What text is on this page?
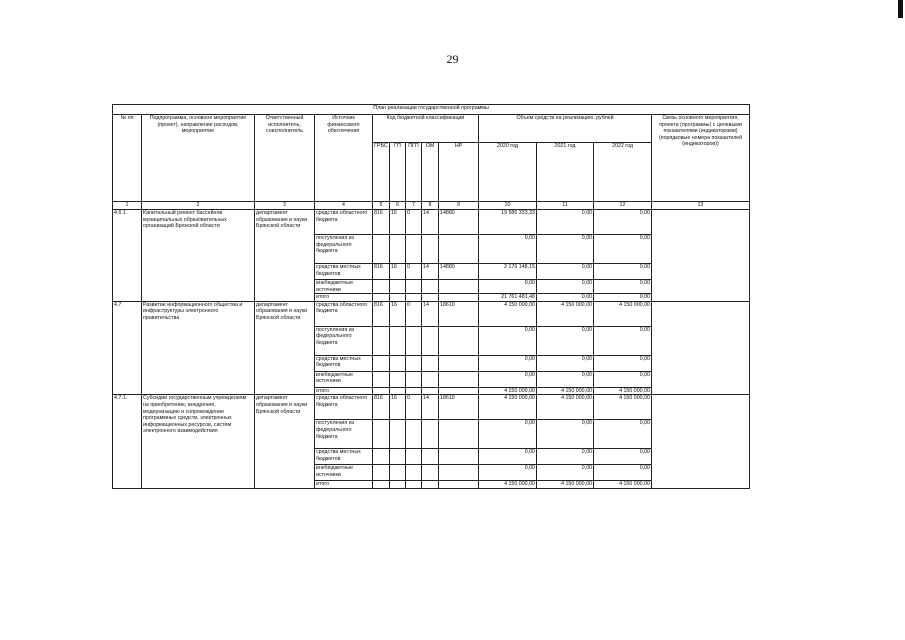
29
План реализации государственной программы												
№ пп	Подпрограмма, основное мероприятие (проект), направление расходов, мероприятие	Ответственный исполнитель, соисполнитель	Источник финансового обеспечения	Код бюджетной классификации					Объем средств на реализацию, рублей			Связь основного мероприятия, проекта (программы) с целевыми показателями (индикаторами) (порядковые номера показателей (индикаторов))
				ГРБС	ГП	ПГП	ОМ	НР	2020 год	2021 год	2022 год	
1	2	3	4	5	6	7	8	9	10	11	12	13
4.6.1.	Капитальный ремонт бассейнов муниципальных образовательных организаций Брянской области	департамент образования и науки Брянской области	средства областного бюджета	816	16	0	14	14880	19 585 333,33	0,00	0,00	
			поступления из федерального бюджета						0,00	0,00	0,00	
			средства местных бюджетов	816	16	0	14	14880	2 176 148,15	0,00	0,00	
			внебюджетные источники						0,00	0,00	0,00	
			итого						21 761 481,48	0,00	0,00	
4.7.	Развитие информационного общества и инфраструктуры электронного правительства	департамент образования и науки Брянской области	средства областного бюджета	816	16	0	14	18610	4 150 000,00	4 150 000,00	4 150 000,00	
			поступления из федерального бюджета						0,00	0,00	0,00	
			средства местных бюджетов						0,00	0,00	0,00	
			внебюджетные источники						0,00	0,00	0,00	
			итого						4 150 000,00	4 150 000,00	4 150 000,00	
4.7.1.	Субсидии государственным учреждениям на приобретение, внедрение, модернизацию и сопровождение программных средств, электронных информационных ресурсов, систем электронного взаимодействия	департамент образования и науки Брянской области	средства областного бюджета	816	16	0	14	18610	4 150 000,00	4 150 000,00	4 150 000,00	
			поступления из федерального бюджета						0,00	0,00	0,00	
			средства местных бюджетов						0,00	0,00	0,00	
			внебюджетные источники						0,00	0,00	0,00	
			итого						4 150 000,00	4 150 000,00	4 150 000,00	
